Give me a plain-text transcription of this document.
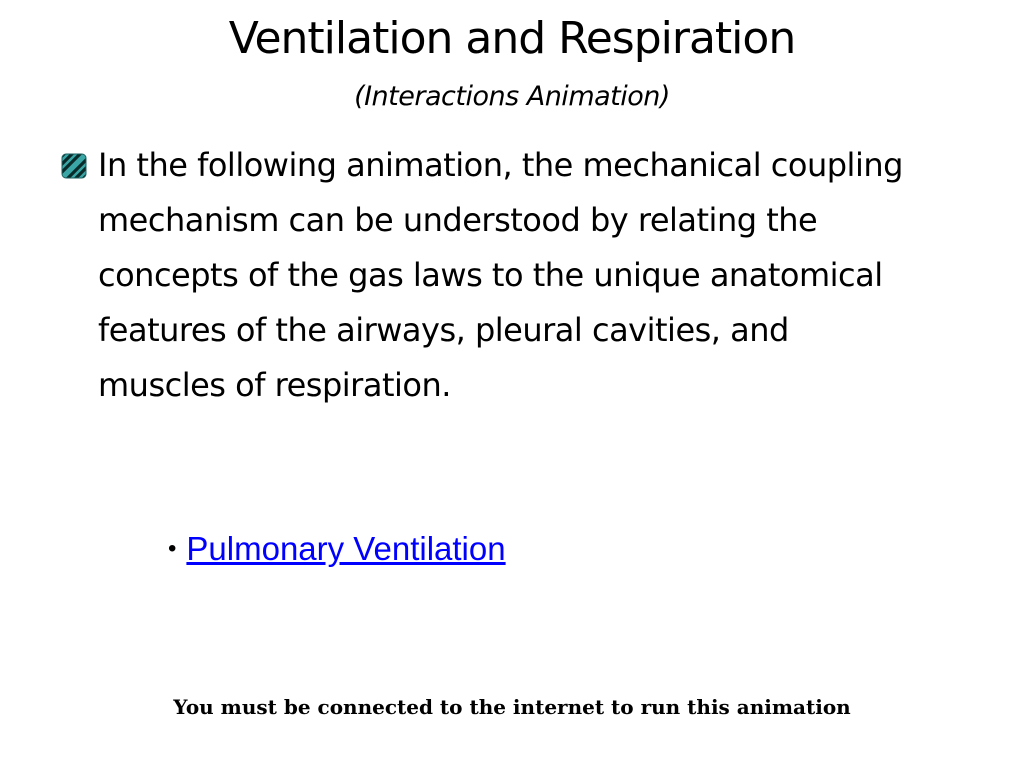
Ventilation and Respiration
(Interactions Animation)
In the following animation, the mechanical coupling mechanism can be understood by relating the concepts of the gas laws to the unique anatomical features of the airways, pleural cavities, and muscles of respiration.
• Pulmonary Ventilation
You must be connected to the internet to run this animation
